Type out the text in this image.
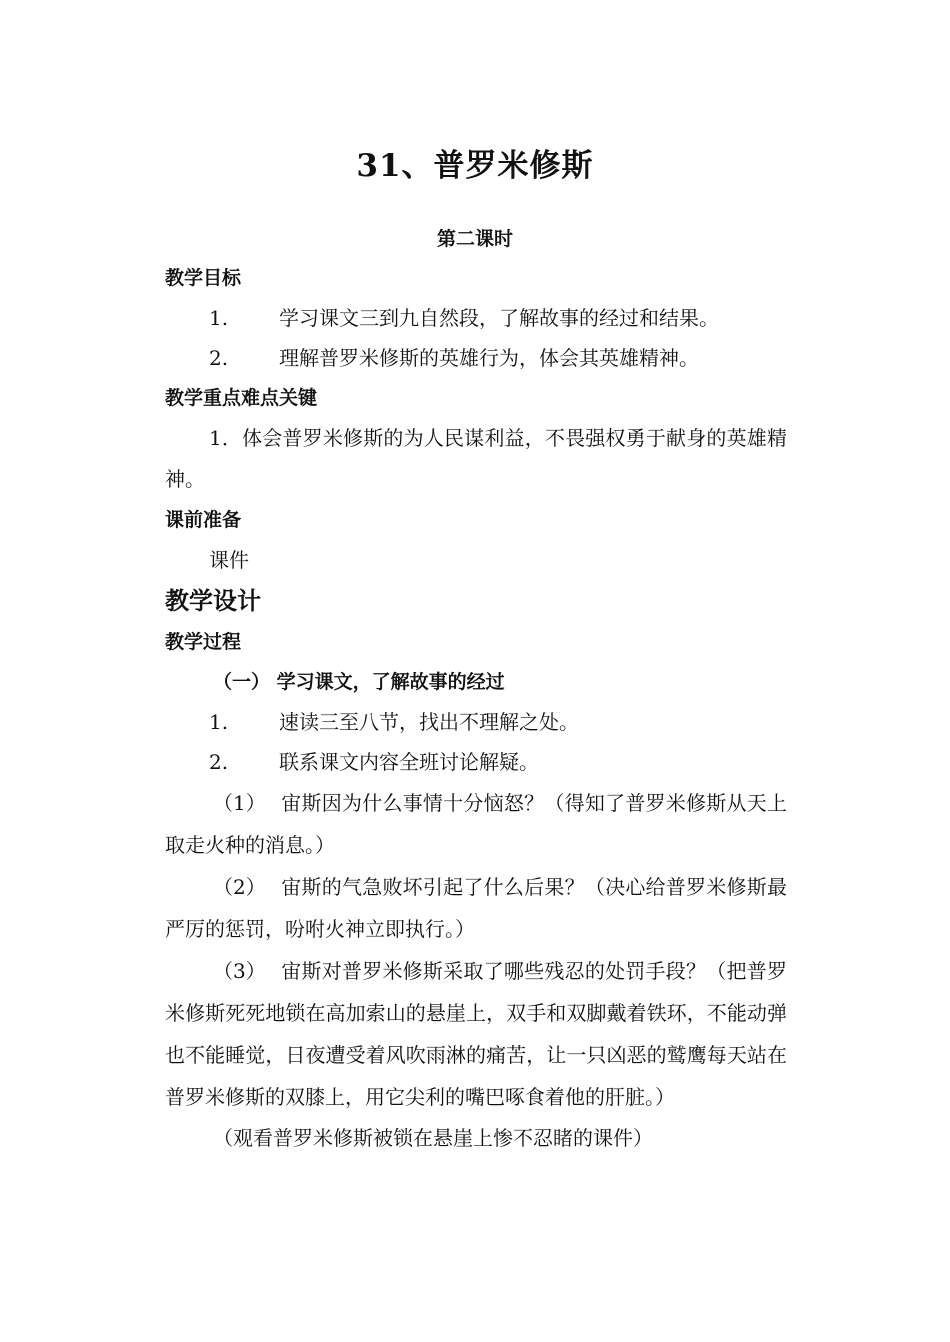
31、普罗米修斯
第二课时
教学目标
1.	学习课文三到九自然段，了解故事的经过和结果。
2.	理解普罗米修斯的英雄行为，体会其英雄精神。
教学重点难点关键
1．体会普罗米修斯的为人民谋利益，不畏强权勇于献身的英雄精神。
课前准备
课件
教学设计
教学过程
（一） 学习课文，了解故事的经过
1.	速读三至八节，找出不理解之处。
2.	联系课文内容全班讨论解疑。
（1） 宙斯因为什么事情十分恼怒？（得知了普罗米修斯从天上取走火种的消息。）
（2） 宙斯的气急败坏引起了什么后果？（决心给普罗米修斯最严厉的惩罚，吩咐火神立即执行。）
（3） 宙斯对普罗米修斯采取了哪些残忍的处罚手段？（把普罗米修斯死死地锁在高加索山的悬崖上，双手和双脚戴着铁环，不能动弹也不能睡觉，日夜遭受着风吹雨淋的痛苦，让一只凶恶的鹫鹰每天站在普罗米修斯的双膝上，用它尖利的嘴巴啄食着他的肝脏。）
（观看普罗米修斯被锁在悬崖上惨不忍睹的课件）
